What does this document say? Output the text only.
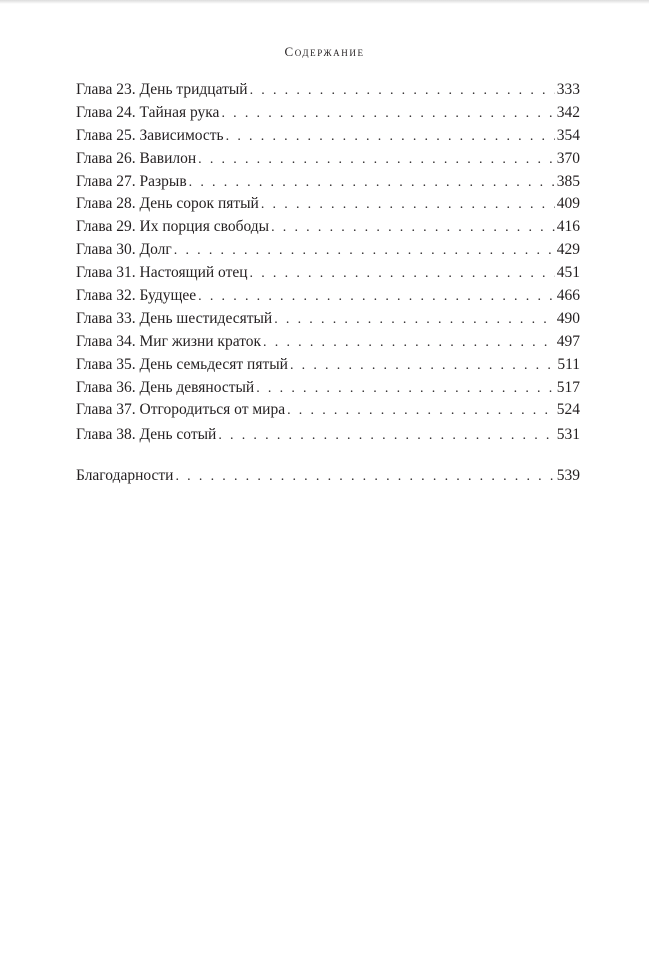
Содержание
Глава 23. День тридцатый . . .	333
Глава 24. Тайная рука . . .	342
Глава 25. Зависимость . . .	354
Глава 26. Вавилон . . .	370
Глава 27. Разрыв . . .	385
Глава 28. День сорок пятый . . .	409
Глава 29. Их порция свободы . . .	416
Глава 30. Долг . . .	429
Глава 31. Настоящий отец . . .	451
Глава 32. Будущее . . .	466
Глава 33. День шестидесятый . . .	490
Глава 34. Миг жизни краток . . .	497
Глава 35. День семьдесят пятый . . .	511
Глава 36. День девяностый . . .	517
Глава 37. Отгородиться от мира . . .	524
Глава 38. День сотый . . .	531
Благодарности . . .	539
